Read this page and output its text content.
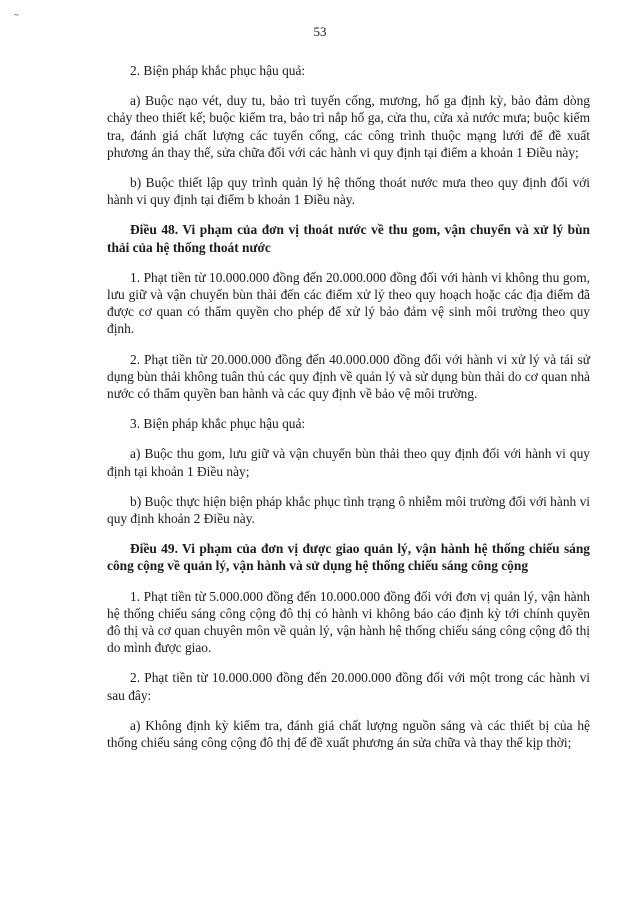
~
53

2. Biện pháp khắc phục hậu quả:

a) Buộc nạo vét, duy tu, bảo trì tuyến cống, mương, hố ga định kỳ, bảo đảm dòng chảy theo thiết kế; buộc kiểm tra, bảo trì nắp hố ga, cửa thu, cửa xả nước mưa; buộc kiểm tra, đánh giá chất lượng các tuyến cống, các công trình thuộc mạng lưới để đề xuất phương án thay thế, sửa chữa đối với các hành vi quy định tại điểm a khoản 1 Điều này;

b) Buộc thiết lập quy trình quản lý hệ thống thoát nước mưa theo quy định đối với hành vi quy định tại điểm b khoản 1 Điều này.

Điều 48. Vi phạm của đơn vị thoát nước về thu gom, vận chuyển và xử lý bùn thải của hệ thống thoát nước

1. Phạt tiền từ 10.000.000 đồng đến 20.000.000 đồng đối với hành vi không thu gom, lưu giữ và vận chuyển bùn thải đến các điểm xử lý theo quy hoạch hoặc các địa điểm đã được cơ quan có thẩm quyền cho phép để xử lý bảo đảm vệ sinh môi trường theo quy định.

2. Phạt tiền từ 20.000.000 đồng đến 40.000.000 đồng đối với hành vi xử lý và tái sử dụng bùn thải không tuân thủ các quy định về quản lý và sử dụng bùn thải do cơ quan nhà nước có thẩm quyền ban hành và các quy định về bảo vệ môi trường.

3. Biện pháp khắc phục hậu quả:

a) Buộc thu gom, lưu giữ và vận chuyển bùn thải theo quy định đối với hành vi quy định tại khoản 1 Điều này;

b) Buộc thực hiện biện pháp khắc phục tình trạng ô nhiễm môi trường đối với hành vi quy định khoản 2 Điều này.

Điều 49. Vi phạm của đơn vị được giao quản lý, vận hành hệ thống chiếu sáng công cộng về quản lý, vận hành và sử dụng hệ thống chiếu sáng công cộng

1. Phạt tiền từ 5.000.000 đồng đến 10.000.000 đồng đối với đơn vị quản lý, vận hành hệ thống chiếu sáng công cộng đô thị có hành vi không báo cáo định kỳ tới chính quyền đô thị và cơ quan chuyên môn về quản lý, vận hành hệ thống chiếu sáng công cộng đô thị do mình được giao.

2. Phạt tiền từ 10.000.000 đồng đến 20.000.000 đồng đối với một trong các hành vi sau đây:

a) Không định kỳ kiểm tra, đánh giá chất lượng nguồn sáng và các thiết bị của hệ thống chiếu sáng công cộng đô thị để đề xuất phương án sửa chữa và thay thế kịp thời;
